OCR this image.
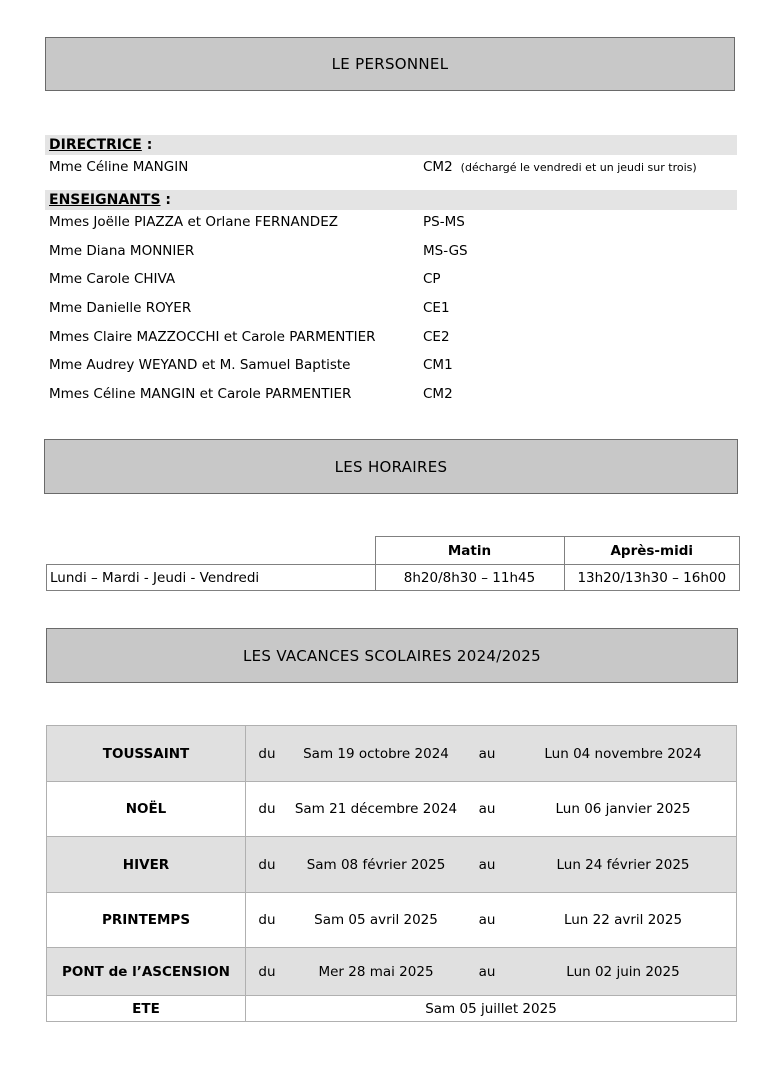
LE PERSONNEL
DIRECTRICE :
Mme Céline MANGIN	CM2 (déchargé le vendredi et un jeudi sur trois)
ENSEIGNANTS :
Mmes Joëlle PIAZZA et Orlane FERNANDEZ	PS-MS
Mme Diana MONNIER	MS-GS
Mme Carole CHIVA	CP
Mme Danielle ROYER	CE1
Mmes Claire MAZZOCCHI et Carole PARMENTIER	CE2
Mme Audrey WEYAND et M. Samuel Baptiste	CM1
Mmes Céline MANGIN et Carole PARMENTIER	CM2
LES HORAIRES
	Matin	Après-midi
Lundi – Mardi - Jeudi - Vendredi	8h20/8h30 – 11h45	13h20/13h30 – 16h00
LES VACANCES SCOLAIRES 2024/2025
TOUSSAINT	du	Sam 19 octobre 2024	au	Lun 04 novembre 2024
NOËL	du	Sam 21 décembre 2024	au	Lun 06 janvier 2025
HIVER	du	Sam 08 février 2025	au	Lun 24 février 2025
PRINTEMPS	du	Sam 05 avril 2025	au	Lun 22 avril 2025
PONT de l’ASCENSION	du	Mer 28 mai 2025	au	Lun 02 juin 2025
ETE	Sam 05 juillet 2025			
